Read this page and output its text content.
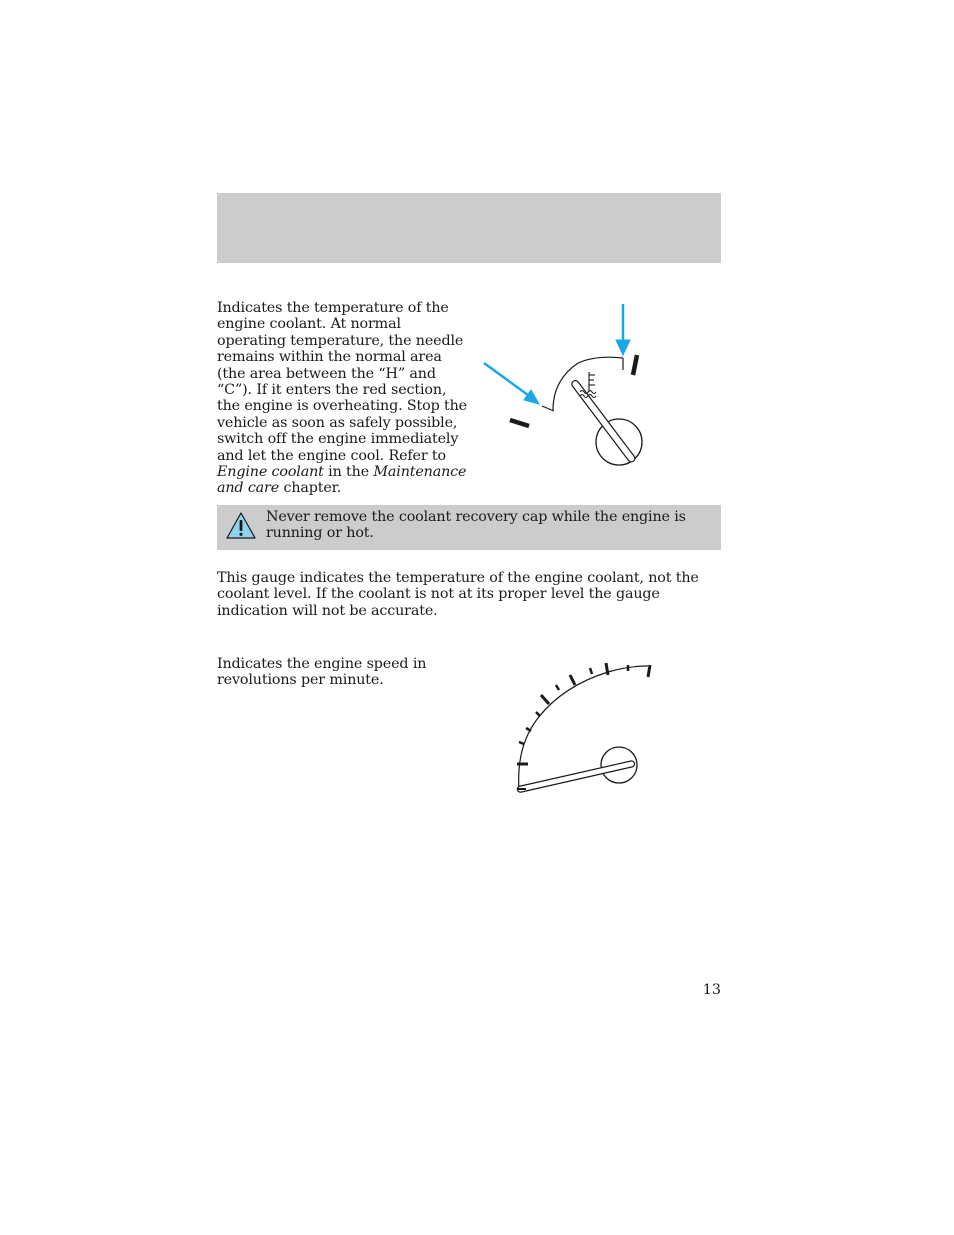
Indicates the temperature of the engine coolant. At normal operating temperature, the needle remains within the normal area (the area between the “H” and “C”). If it enters the red section, the engine is overheating. Stop the vehicle as soon as safely possible, switch off the engine immediately and let the engine cool. Refer to Engine coolant in the Maintenance and care chapter.

Never remove the coolant recovery cap while the engine is running or hot.

This gauge indicates the temperature of the engine coolant, not the coolant level. If the coolant is not at its proper level the gauge indication will not be accurate.

Indicates the engine speed in revolutions per minute.

13
